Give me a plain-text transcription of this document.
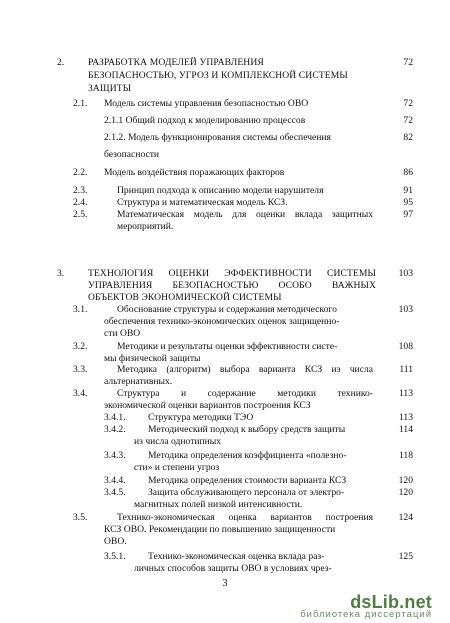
2. РАЗРАБОТКА МОДЕЛЕЙ УПРАВЛЕНИЯ
БЕЗОПАСНОСТЬЮ, УГРОЗ И КОМПЛЕКСНОЙ СИСТЕМЫ
ЗАЩИТЫ
72
2.1. Модель системы управления безопасностью ОВО	72
2.1.1 Общий подход к моделированию процессов	72
2.1.2. Модель функционирования системы обеспечения
безопасности
82
2.2. Модель воздействия поражающих факторов	86
2.3.	Принцип подхода к описанию модели нарушителя	91
2.4.	Структура и математическая модель КСЗ.	95
2.5.	Математическая модель для оценки вклада защитных
мероприятий.
97
3. ТЕХНОЛОГИЯ ОЦЕНКИ ЭФФЕКТИВНОСТИ СИСТЕМЫ
УПРАВЛЕНИЯ БЕЗОПАСНОСТЬЮ ОСОБО ВАЖНЫХ
ОБЪЕКТОВ ЭКОНОМИЧЕСКОЙ СИСТЕМЫ
103
3.1.	Обоснование структуры и содержания методического
обеспечения технико-экономических оценок защищенно-
сти ОВО
103
3.2.	Методики и результаты оценки эффективности систе-
мы физической защиты
108
3.3.	Методика (алгоритм) выбора варианта КСЗ из числа
альтернативных.
111
3.4.	Структура и содержание методики технико-
экономической оценки вариантов построения КСЗ
113
3.4.1. Структура методики ТЭО	113
3.4.2. Методический подход к выбору средств защиты
из числа однотипных
114
3.4.3. Методика определения коэффициента «полезно-
сти» и степени угроз
118
3.4.4. Методика определения стоимости варианта КСЗ	120
3.4.5. Защита обслуживающего персонала от электро-
магнитных полей низкой интенсивности.
120
3.5.	Технико-экономическая оценка вариантов построения
КСЗ ОВО. Рекомендации по повышению защищенности
ОВО.
124
3.5.1. Технико-экономическая оценка вклада раз-
личных способов защиты ОВО в условиях чрез-
125
3
dsLib.net
библиотека диссертаций
